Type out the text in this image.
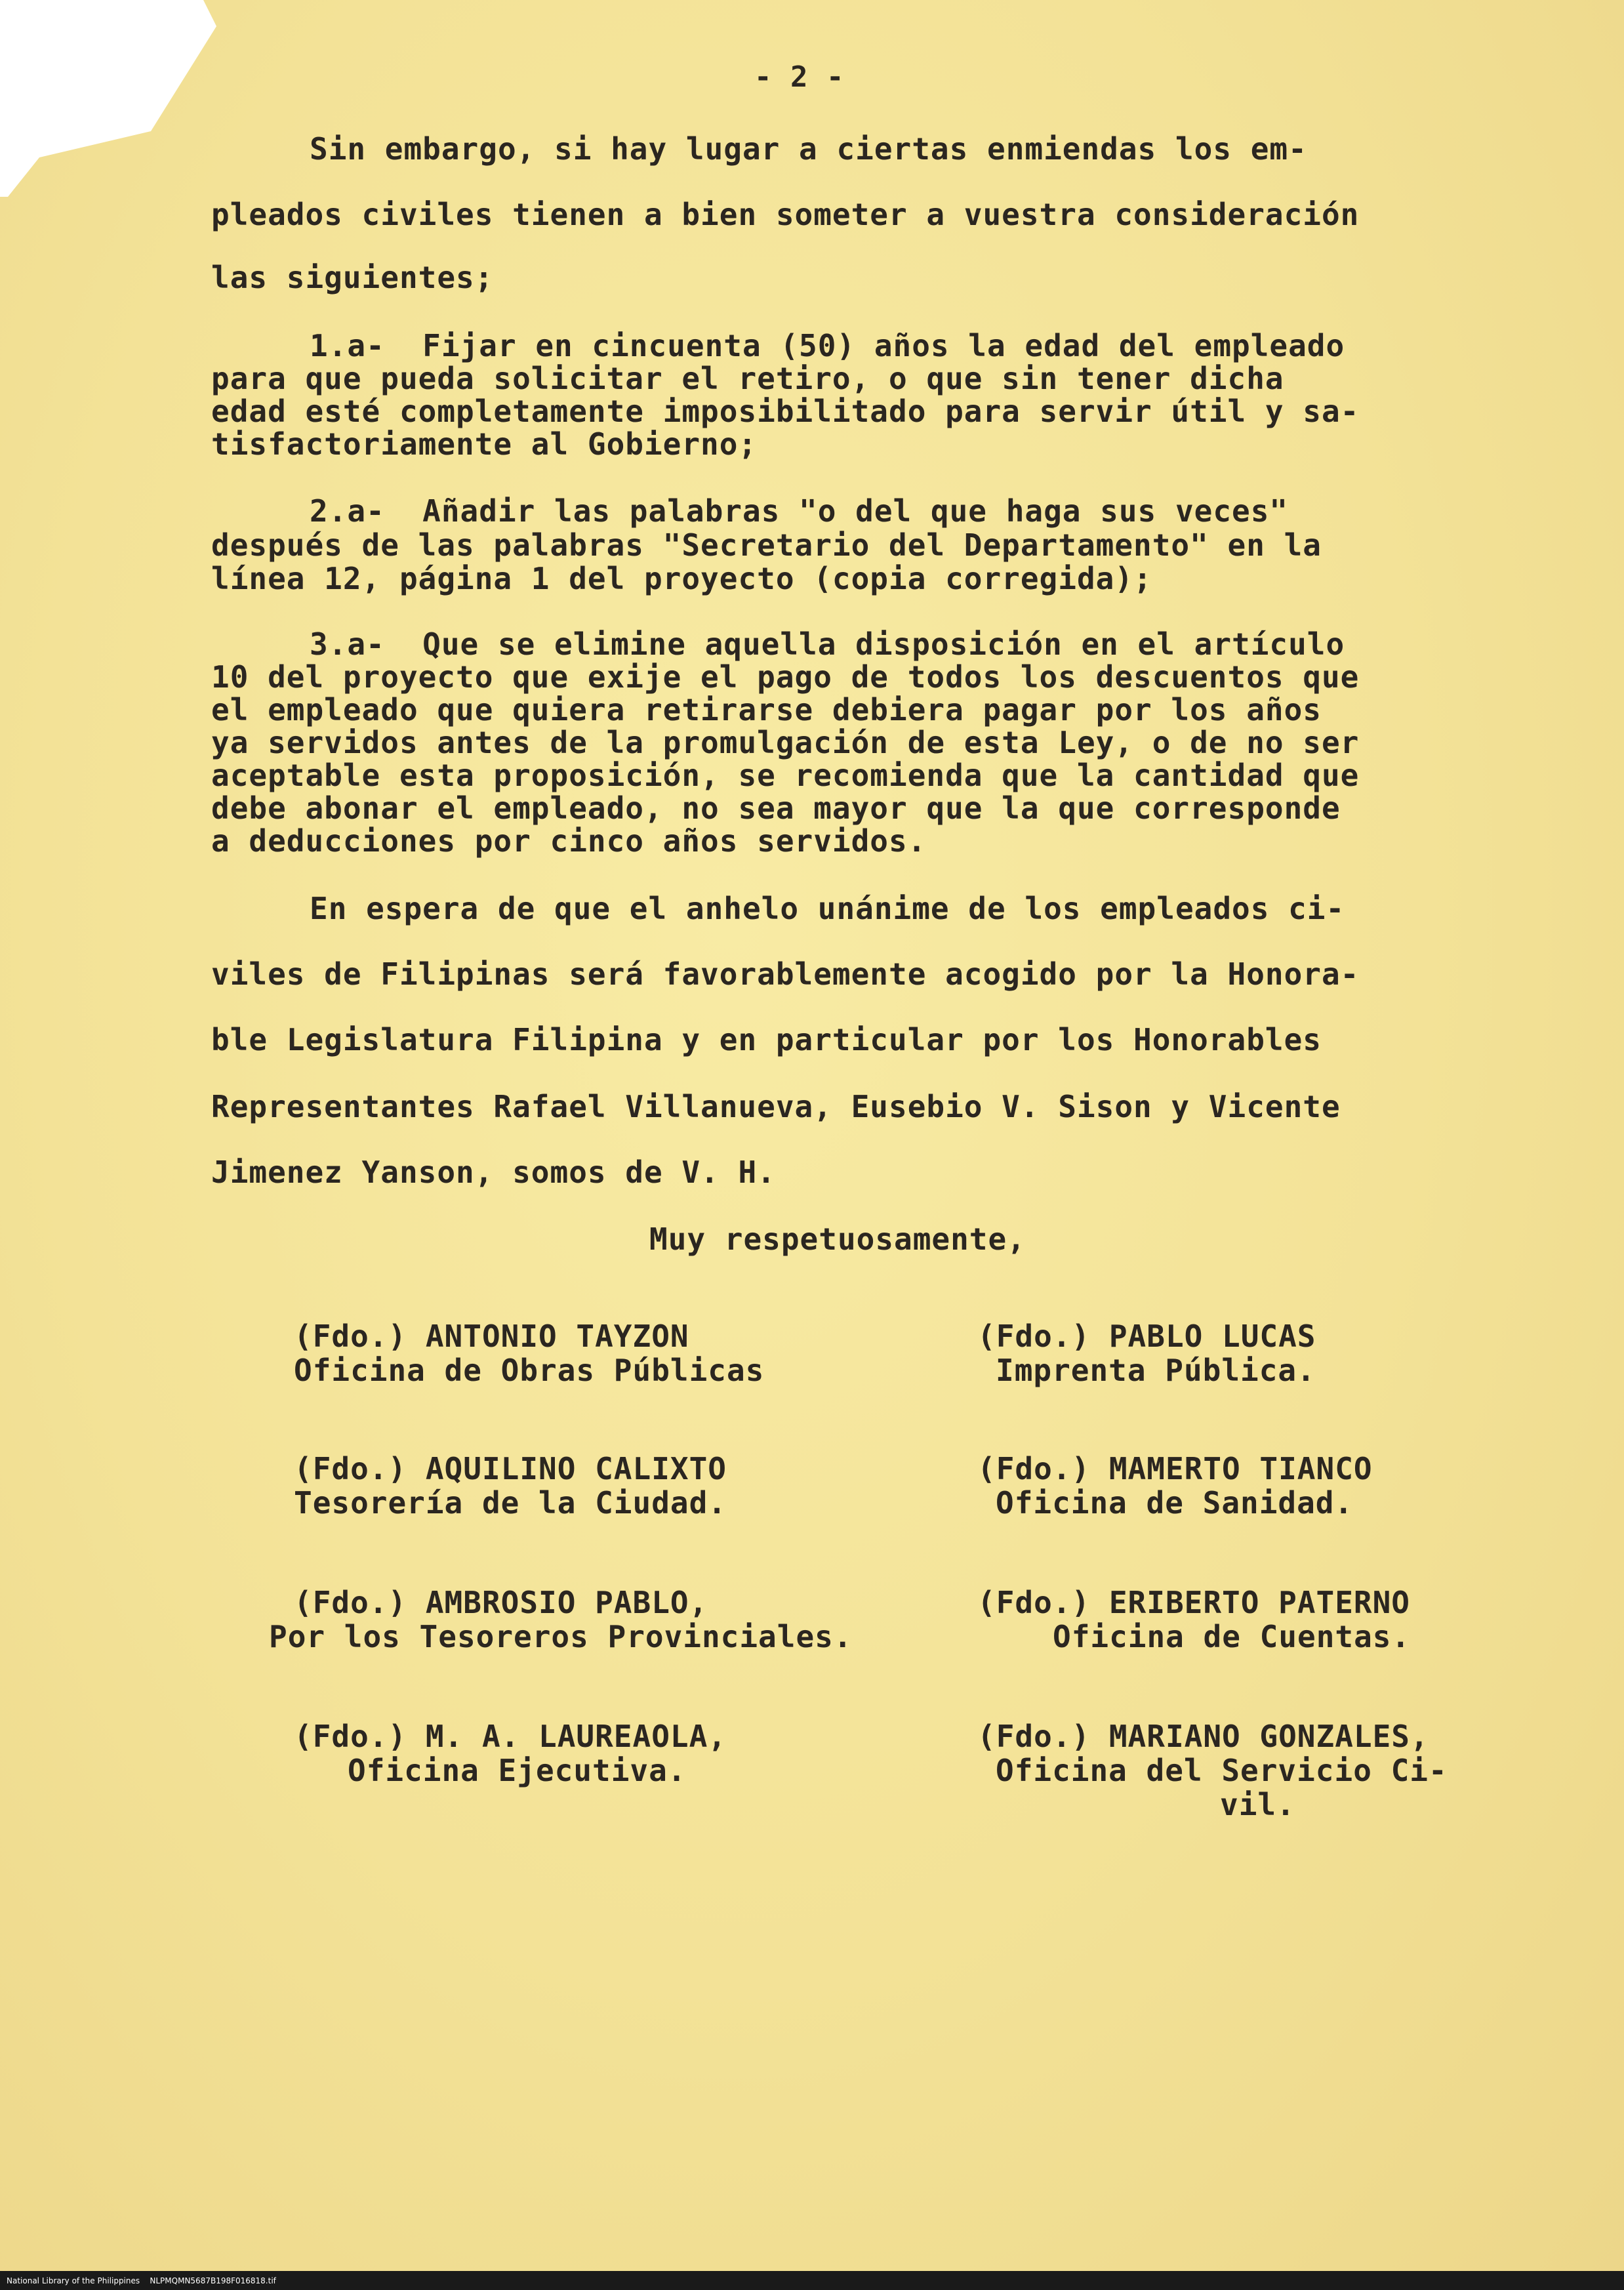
- 2 -
Sin embargo, si hay lugar a ciertas enmiendas los em-
pleados civiles tienen a bien someter a vuestra consideración
las siguientes;
1.a-  Fijar en cincuenta (50) años la edad del empleado
para que pueda solicitar el retiro, o que sin tener dicha
edad esté completamente imposibilitado para servir útil y sa-
tisfactoriamente al Gobierno;
2.a-  Añadir las palabras "o del que haga sus veces"
después de las palabras "Secretario del Departamento" en la
línea 12, página 1 del proyecto (copia corregida);
3.a-  Que se elimine aquella disposición en el artículo
10 del proyecto que exije el pago de todos los descuentos que
el empleado que quiera retirarse debiera pagar por los años
ya servidos antes de la promulgación de esta Ley, o de no ser
aceptable esta proposición, se recomienda que la cantidad que
debe abonar el empleado, no sea mayor que la que corresponde
a deducciones por cinco años servidos.
En espera de que el anhelo unánime de los empleados ci-
viles de Filipinas será favorablemente acogido por la Honora-
ble Legislatura Filipina y en particular por los Honorables
Representantes Rafael Villanueva, Eusebio V. Sison y Vicente
Jimenez Yanson, somos de V. H.
Muy respetuosamente,
(Fdo.) ANTONIO TAYZON
Oficina de Obras Públicas
(Fdo.) PABLO LUCAS
Imprenta Pública.
(Fdo.) AQUILINO CALIXTO
Tesorería de la Ciudad.
(Fdo.) MAMERTO TIANCO
Oficina de Sanidad.
(Fdo.) AMBROSIO PABLO,
Por los Tesoreros Provinciales.
(Fdo.) ERIBERTO PATERNO
Oficina de Cuentas.
(Fdo.) M. A. LAUREAOLA,
Oficina Ejecutiva.
(Fdo.) MARIANO GONZALES,
Oficina del Servicio Ci-
vil.
National Library of the Philippines    NLPMQMN5687B198F016818.tif
